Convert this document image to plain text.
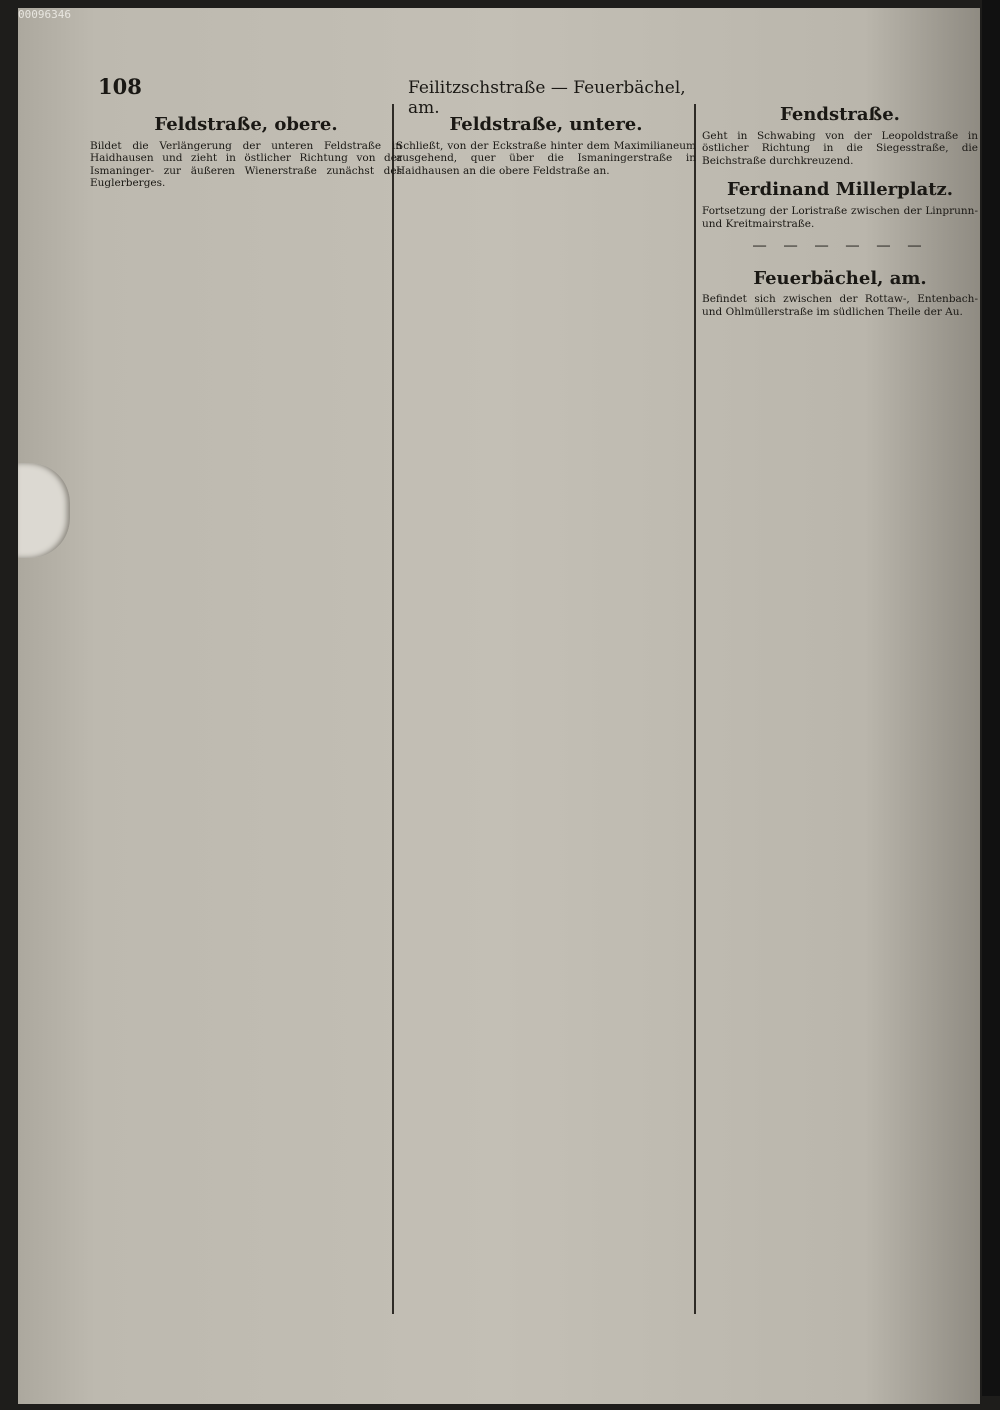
00096346
108	Feilitzschstraße — Feuerbächel, am.
Feldstraße, obere.
Bildet die Verlängerung der unteren Feldstraße in Haidhausen und zieht in östlicher Richtung von der Ismaninger- zur äußeren Wienerstraße zunächst des Euglerberges.
Feldstraße, untere.
Schließt, von der Eckstraße hinter dem Maximilianeum ausgehend, quer über die Ismaningerstraße in Haidhausen an die obere Feldstraße an.
Fendstraße.
Geht in Schwabing von der Leopoldstraße in östlicher Richtung in die Siegesstraße, die Beichstraße durchkreuzend.
Ferdinand Millerplatz.
Fortsetzung der Loristraße zwischen der Linprunn- und Kreitmairstraße.
— — — — — —
Feuerbächel, am.
Befindet sich zwischen der Rottaw-, Entenbach- und Ohlmüllerstraße im südlichen Theile der Au.
